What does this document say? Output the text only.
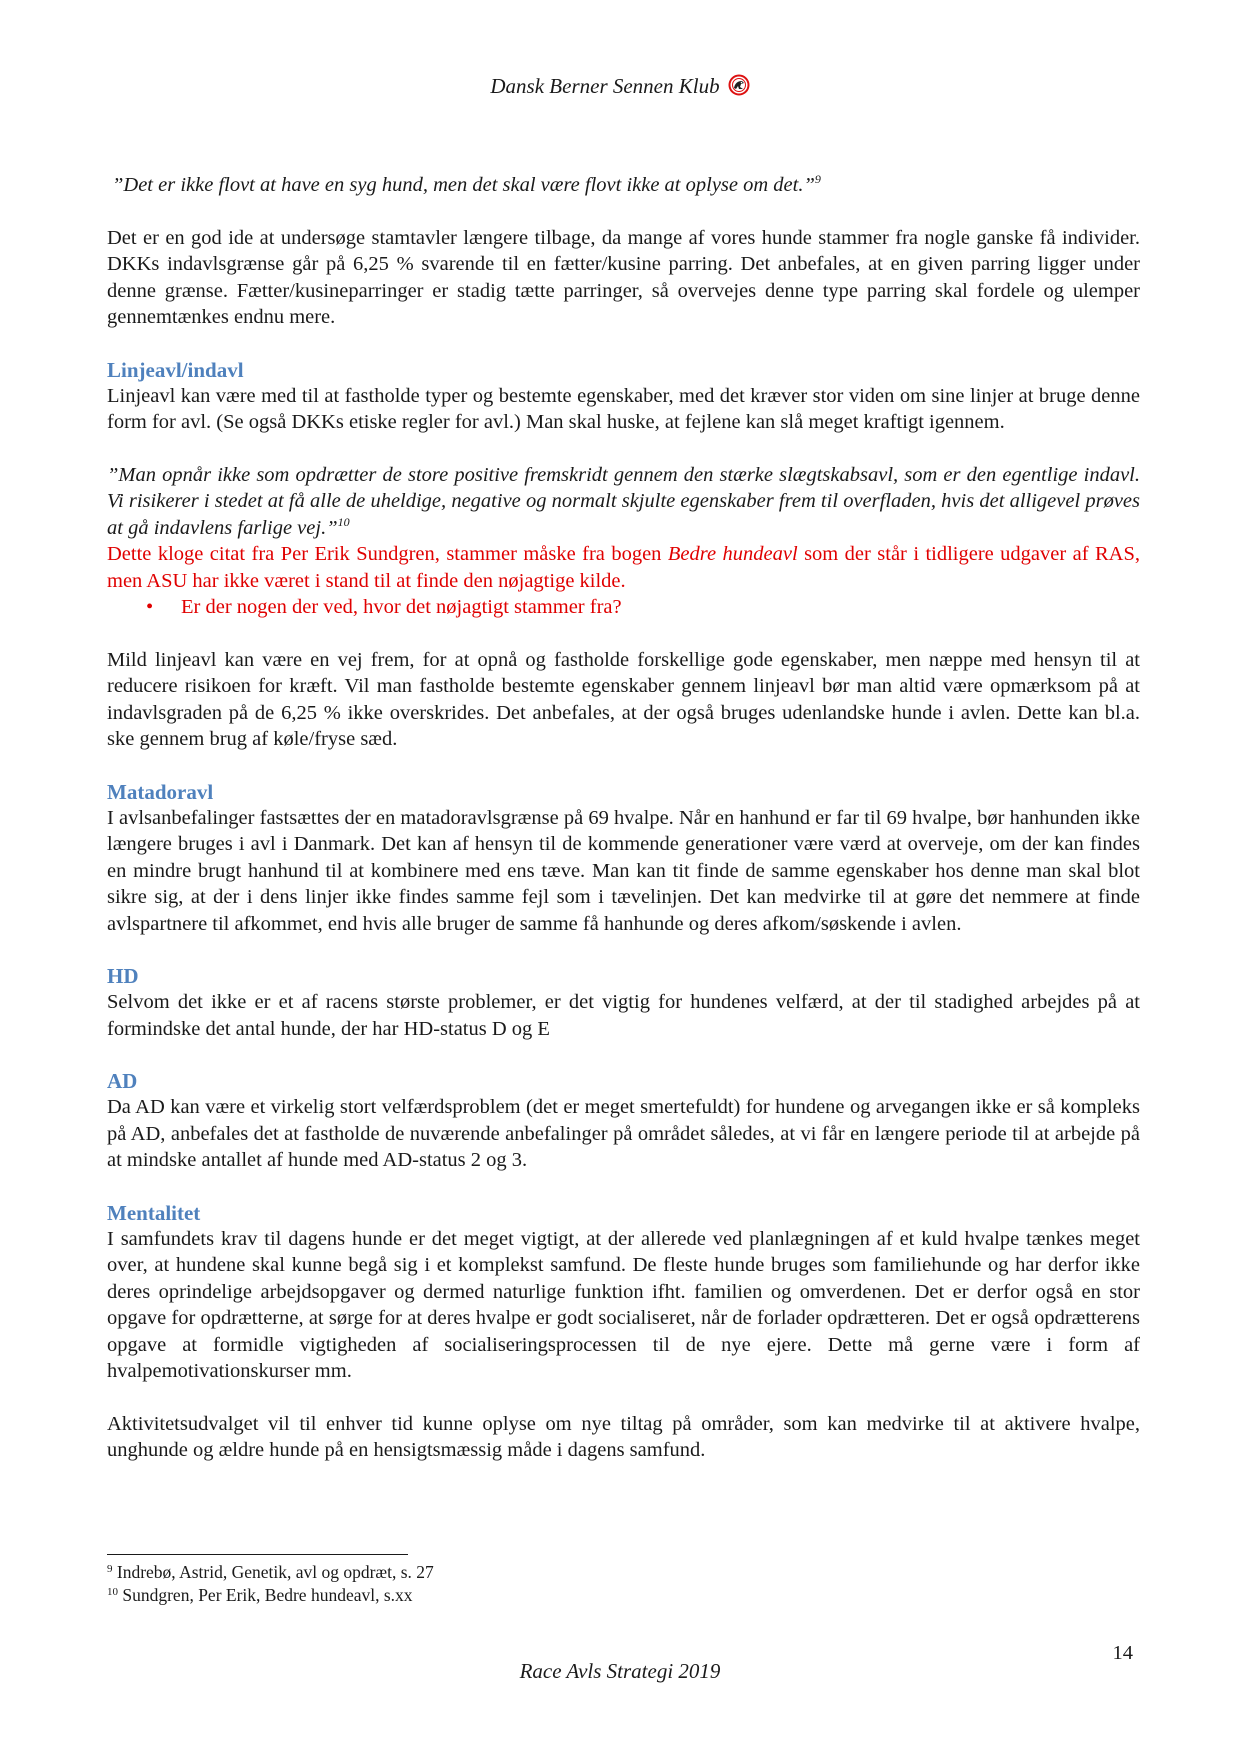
Dansk Berner Sennen Klub

”Det er ikke flovt at have en syg hund, men det skal være flovt ikke at oplyse om det.”$^9$

Det er en god ide at undersøge stamtavler længere tilbage, da mange af vores hunde stammer fra nogle ganske få individer. DKKs indavlsgrænse går på 6,25 % svarende til en fætter/kusine parring. Det anbefales, at en given parring ligger under denne grænse. Fætter/kusineparringer er stadig tætte parringer, så overvejes denne type parring skal fordele og ulemper gennemtænkes endnu mere.

Linjeavl/indavl

Linjeavl kan være med til at fastholde typer og bestemte egenskaber, med det kræver stor viden om sine linjer at bruge denne form for avl. (Se også DKKs etiske regler for avl.) Man skal huske, at fejlene kan slå meget kraftigt igennem.

”Man opnår ikke som opdrætter de store positive fremskridt gennem den stærke slægtskabsavl, som er den egentlige indavl. Vi risikerer i stedet at få alle de uheldige, negative og normalt skjulte egenskaber frem til overfladen, hvis det alligevel prøves at gå indavlens farlige vej.”$^{10}$

Dette kloge citat fra Per Erik Sundgren, stammer måske fra bogen Bedre hundeavl som der står i tidligere udgaver af RAS, men ASU har ikke været i stand til at finde den nøjagtige kilde.

• Er der nogen der ved, hvor det nøjagtigt stammer fra?

Mild linjeavl kan være en vej frem, for at opnå og fastholde forskellige gode egenskaber, men næppe med hensyn til at reducere risikoen for kræft. Vil man fastholde bestemte egenskaber gennem linjeavl bør man altid være opmærksom på at indavlsgraden på de 6,25 % ikke overskrides. Det anbefales, at der også bruges udenlandske hunde i avlen. Dette kan bl.a. ske gennem brug af køle/fryse sæd.

Matadoravl

I avlsanbefalinger fastsættes der en matadoravlsgrænse på 69 hvalpe. Når en hanhund er far til 69 hvalpe, bør hanhunden ikke længere bruges i avl i Danmark. Det kan af hensyn til de kommende generationer være værd at overveje, om der kan findes en mindre brugt hanhund til at kombinere med ens tæve. Man kan tit finde de samme egenskaber hos denne man skal blot sikre sig, at der i dens linjer ikke findes samme fejl som i tævelinjen. Det kan medvirke til at gøre det nemmere at finde avlspartnere til afkommet, end hvis alle bruger de samme få hanhunde og deres afkom/søskende i avlen.

HD

Selvom det ikke er et af racens største problemer, er det vigtig for hundenes velfærd, at der til stadighed arbejdes på at formindske det antal hunde, der har HD-status D og E

AD

Da AD kan være et virkelig stort velfærdsproblem (det er meget smertefuldt) for hundene og arvegangen ikke er så kompleks på AD, anbefales det at fastholde de nuværende anbefalinger på området således, at vi får en længere periode til at arbejde på at mindske antallet af hunde med AD-status 2 og 3.

Mentalitet

I samfundets krav til dagens hunde er det meget vigtigt, at der allerede ved planlægningen af et kuld hvalpe tænkes meget over, at hundene skal kunne begå sig i et komplekst samfund. De fleste hunde bruges som familiehunde og har derfor ikke deres oprindelige arbejdsopgaver og dermed naturlige funktion ifht. familien og omverdenen. Det er derfor også en stor opgave for opdrætterne, at sørge for at deres hvalpe er godt socialiseret, når de forlader opdrætteren. Det er også opdrætterens opgave at formidle vigtigheden af socialiseringsprocessen til de nye ejere. Dette må gerne være i form af hvalpemotivationskurser mm.

Aktivitetsudvalget vil til enhver tid kunne oplyse om nye tiltag på områder, som kan medvirke til at aktivere hvalpe, unghunde og ældre hunde på en hensigtsmæssig måde i dagens samfund.

$^9$ Indrebø, Astrid, Genetik, avl og opdræt, s. 27
$^{10}$ Sundgren, Per Erik, Bedre hundeavl, s.xx
14
Race Avls Strategi 2019
